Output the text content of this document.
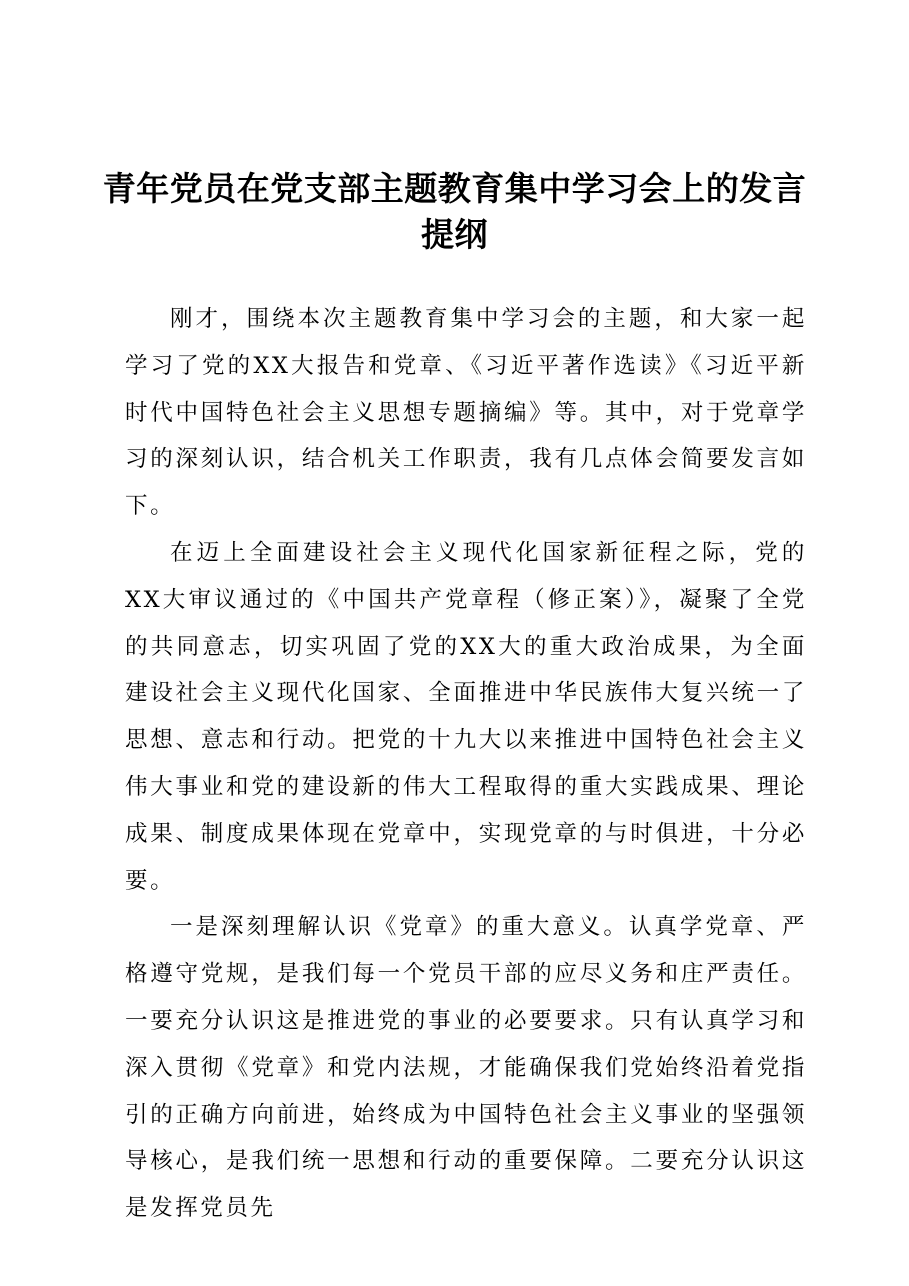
青年党员在党支部主题教育集中学习会上的发言
提纲

刚才，围绕本次主题教育集中学习会的主题，和大家一起学习了党的XX大报告和党章、《习近平著作选读》《习近平新时代中国特色社会主义思想专题摘编》等。其中，对于党章学习的深刻认识，结合机关工作职责，我有几点体会简要发言如下。

在迈上全面建设社会主义现代化国家新征程之际，党的XX大审议通过的《中国共产党章程（修正案）》，凝聚了全党的共同意志，切实巩固了党的XX大的重大政治成果，为全面建设社会主义现代化国家、全面推进中华民族伟大复兴统一了思想、意志和行动。把党的十九大以来推进中国特色社会主义伟大事业和党的建设新的伟大工程取得的重大实践成果、理论成果、制度成果体现在党章中，实现党章的与时俱进，十分必要。

一是深刻理解认识《党章》的重大意义。认真学党章、严格遵守党规，是我们每一个党员干部的应尽义务和庄严责任。一要充分认识这是推进党的事业的必要要求。只有认真学习和深入贯彻《党章》和党内法规，才能确保我们党始终沿着党指引的正确方向前进，始终成为中国特色社会主义事业的坚强领导核心，是我们统一思想和行动的重要保障。二要充分认识这是发挥党员先
